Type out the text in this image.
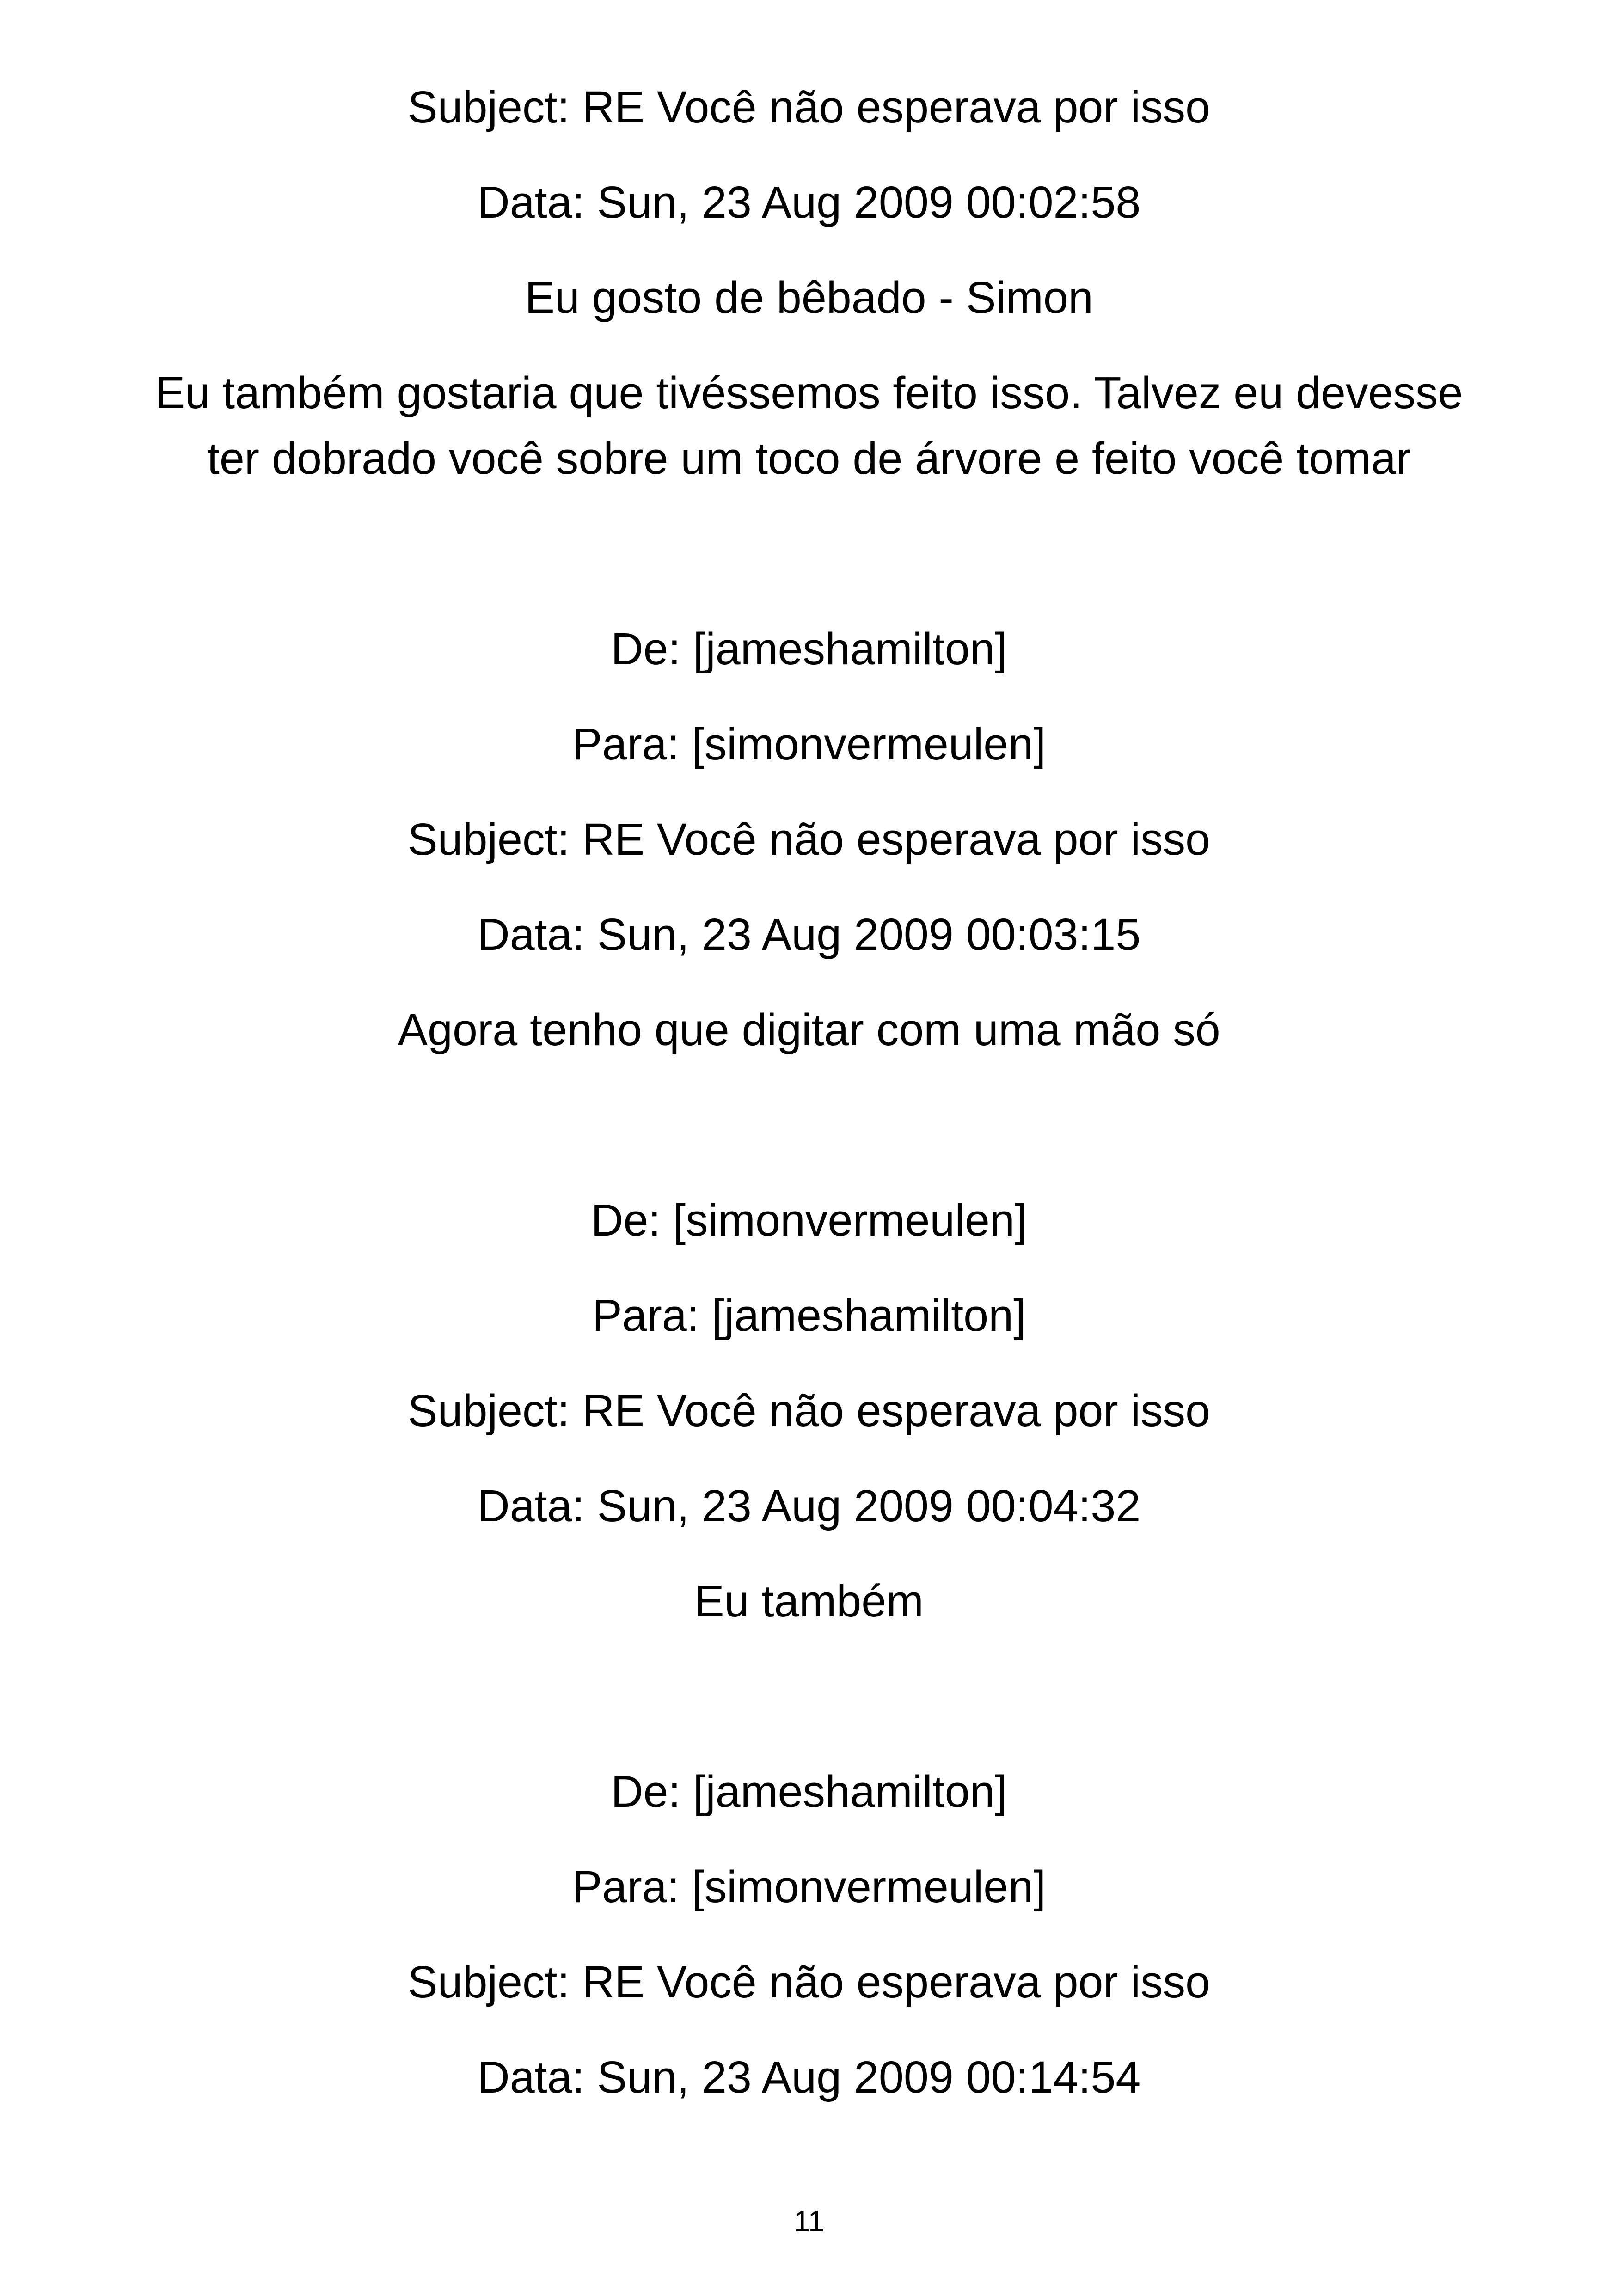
Subject: RE Você não esperava por isso

Data: Sun, 23 Aug 2009 00:02:58

Eu gosto de bêbado - Simon

Eu também gostaria que tivéssemos feito isso. Talvez eu devesse

ter dobrado você sobre um toco de árvore e feito você tomar

De: [jameshamilton]

Para: [simonvermeulen]

Subject: RE Você não esperava por isso

Data: Sun, 23 Aug 2009 00:03:15

Agora tenho que digitar com uma mão só

De: [simonvermeulen]

Para: [jameshamilton]

Subject: RE Você não esperava por isso

Data: Sun, 23 Aug 2009 00:04:32

Eu também

De: [jameshamilton]

Para: [simonvermeulen]

Subject: RE Você não esperava por isso

Data: Sun, 23 Aug 2009 00:14:54

11
